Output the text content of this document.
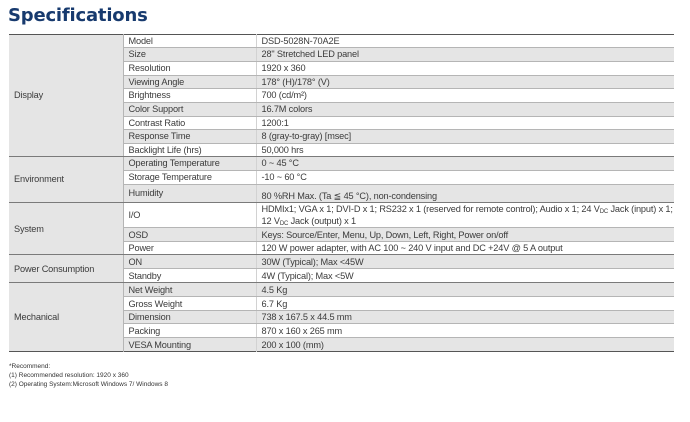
Specifications
Display	Model	DSD-5028N-70A2E
	Size	28" Stretched LED panel
	Resolution	1920 x 360
	Viewing Angle	178° (H)/178° (V)
	Brightness	700 (cd/m²)
	Color Support	16.7M colors
	Contrast Ratio	1200:1
	Response Time	8 (gray-to-gray) [msec]
	Backlight Life (hrs)	50,000 hrs
Environment	Operating Temperature	0 ~ 45 °C
	Storage Temperature	-10 ~ 60 °C
	Humidity	80 %RH Max. (Ta ≦ 45 °C), non-condensing
System	I/O	HDMIx1; VGA x 1; DVI-D x 1; RS232 x 1 (reserved for remote control); Audio x 1; 24 $V_{DC}$ Jack (input) x 1;
12 $V_{DC}$ Jack (output) x 1
	OSD	Keys: Source/Enter, Menu, Up, Down, Left, Right, Power on/off
	Power	120 W power adapter, with AC 100 ~ 240 V input and DC +24V @ 5 A output
Power Consumption	ON	30W (Typical); Max <45W
	Standby	4W (Typical); Max <5W
Mechanical	Net Weight	4.5 Kg
	Gross Weight	6.7 Kg
	Dimension	738 x 167.5 x 44.5 mm
	Packing	870 x 160 x 265 mm
	VESA Mounting	200 x 100 (mm)
*Recommend:
(1) Recommended resolution: 1920 x 360
(2) Operating System:Microsoft Windows 7/ Windows 8
